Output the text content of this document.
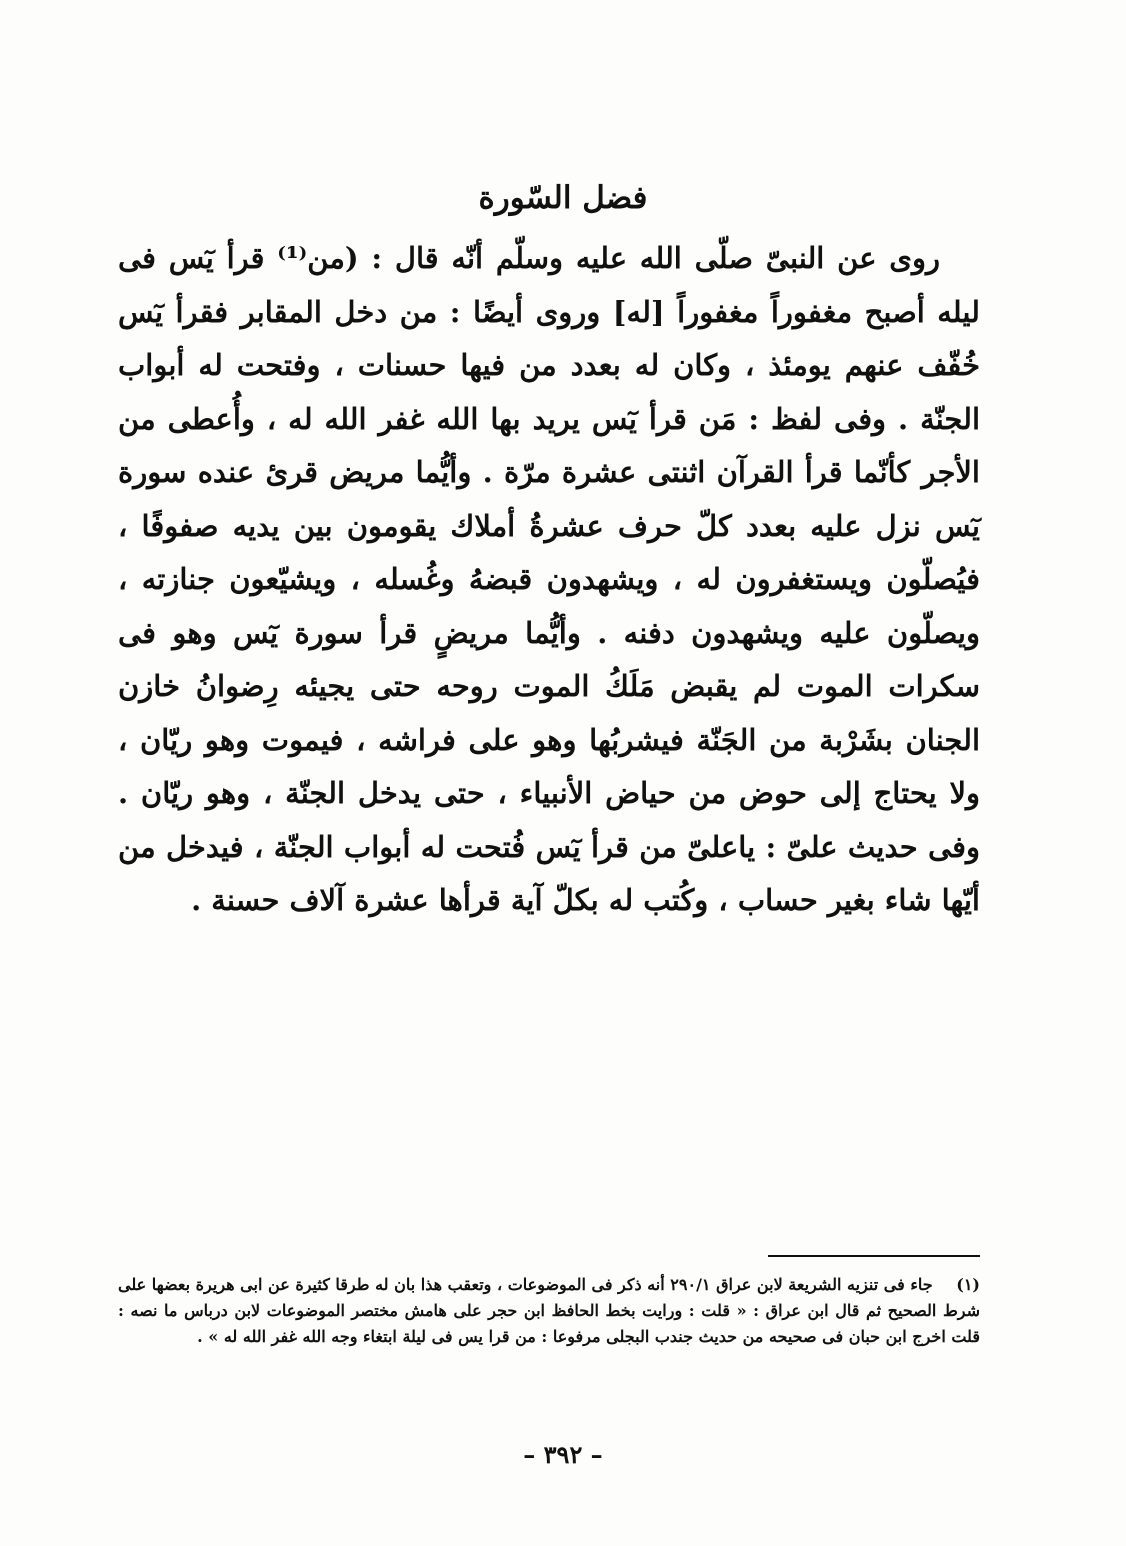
فضل السّورة

روى عن النبىّ صلّى الله عليه وسلّم أنّه قال : (من⁽¹⁾ قرأ يٓس فى ليله أصبح مغفوراً مغفوراً [له] وروى أيضًا : من دخل المقابر فقرأ يٓس خُفّف عنهم يومئذ ، وكان له بعدد من فيها حسنات ، وفتحت له أبواب الجنّة . وفى لفظ : مَن قرأ يٓس يريد بها الله غفر الله له ، وأُعطى من الأجر كأنّما قرأ القرآن اثنتى عشرة مرّة . وأيُّما مريض قرئ عنده سورة يٓس نزل عليه بعدد كلّ حرف عشرةُ أملاك يقومون بين يديه صفوفًا ، فيُصلّون ويستغفرون له ، ويشهدون قبضهُ وغُسله ، ويشيّعون جنازته ، ويصلّون عليه ويشهدون دفنه . وأيُّما مريضٍ قرأ سورة يٓس وهو فى سكرات الموت لم يقبض مَلَكُ الموت روحه حتى يجيئه رِضوانُ خازن الجنان بشَرْبة من الجَنّة فيشربُها وهو على فراشه ، فيموت وهو ريّان ، ولا يحتاج إلى حوض من حياض الأنبياء ، حتى يدخل الجنّة ، وهو ريّان . وفى حديث علىّ : ياعلىّ من قرأ يٓس فُتحت له أبواب الجنّة ، فيدخل من أيّها شاء بغير حساب ، وكُتب له بكلّ آية قرأها عشرة آلاف حسنة .

(١) جاء فى تنزيه الشريعة لابن عراق ٢٩٠/١ أنه ذكر فى الموضوعات ، وتعقب هذا بان له طرقا كثيرة عن ابى هريرة بعضها على شرط الصحيح ثم قال ابن عراق : « قلت : ورايت بخط الحافظ ابن حجر على هامش مختصر الموضوعات لابن درباس ما نصه : قلت اخرج ابن حبان فى صحيحه من حديث جندب البجلى مرفوعا : من قرا يس فى ليلة ابتغاء وجه الله غفر الله له » .

– ٣٩٢ –
